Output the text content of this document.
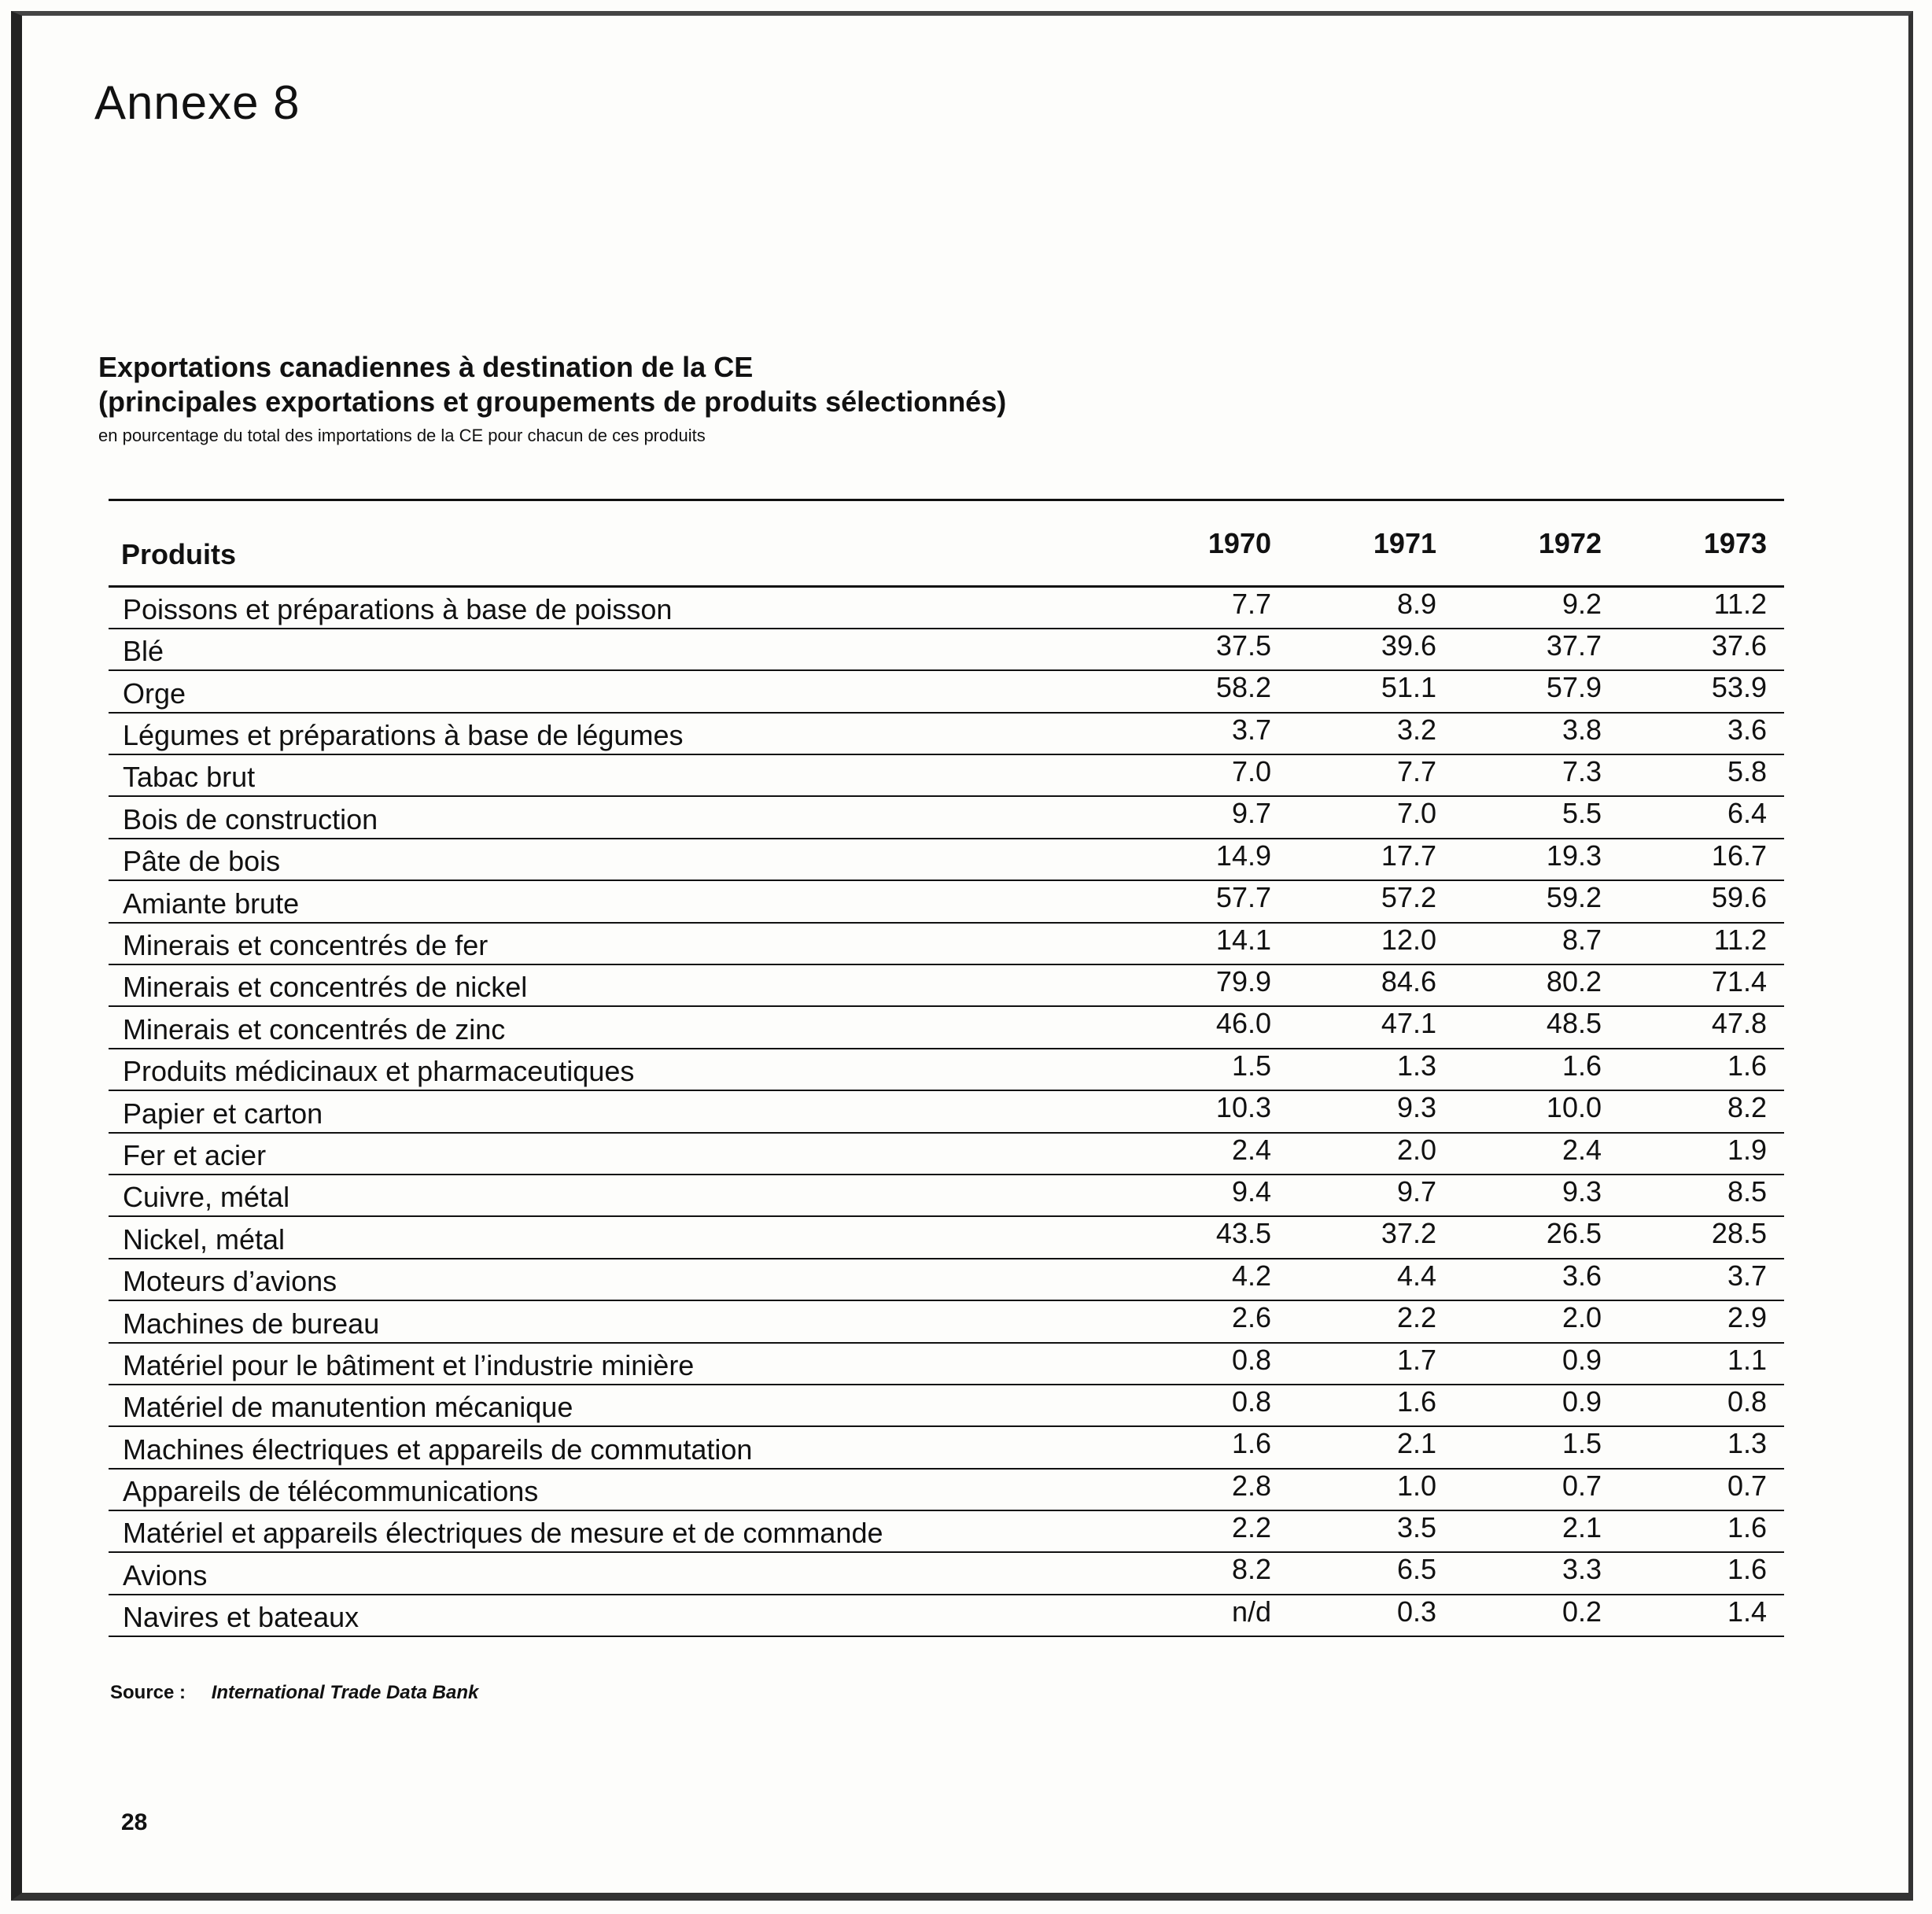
Annexe 8
Exportations canadiennes à destination de la CE
(principales exportations et groupements de produits sélectionnés)
en pourcentage du total des importations de la CE pour chacun de ces produits
Produits	1970	1971	1972	1973
Poissons et préparations à base de poisson	7.7	8.9	9.2	11.2
Blé	37.5	39.6	37.7	37.6
Orge	58.2	51.1	57.9	53.9
Légumes et préparations à base de légumes	3.7	3.2	3.8	3.6
Tabac brut	7.0	7.7	7.3	5.8
Bois de construction	9.7	7.0	5.5	6.4
Pâte de bois	14.9	17.7	19.3	16.7
Amiante brute	57.7	57.2	59.2	59.6
Minerais et concentrés de fer	14.1	12.0	8.7	11.2
Minerais et concentrés de nickel	79.9	84.6	80.2	71.4
Minerais et concentrés de zinc	46.0	47.1	48.5	47.8
Produits médicinaux et pharmaceutiques	1.5	1.3	1.6	1.6
Papier et carton	10.3	9.3	10.0	8.2
Fer et acier	2.4	2.0	2.4	1.9
Cuivre, métal	9.4	9.7	9.3	8.5
Nickel, métal	43.5	37.2	26.5	28.5
Moteurs d’avions	4.2	4.4	3.6	3.7
Machines de bureau	2.6	2.2	2.0	2.9
Matériel pour le bâtiment et l’industrie minière	0.8	1.7	0.9	1.1
Matériel de manutention mécanique	0.8	1.6	0.9	0.8
Machines électriques et appareils de commutation	1.6	2.1	1.5	1.3
Appareils de télécommunications	2.8	1.0	0.7	0.7
Matériel et appareils électriques de mesure et de commande	2.2	3.5	2.1	1.6
Avions	8.2	6.5	3.3	1.6
Navires et bateaux	n/d	0.3	0.2	1.4
Source : International Trade Data Bank
28
